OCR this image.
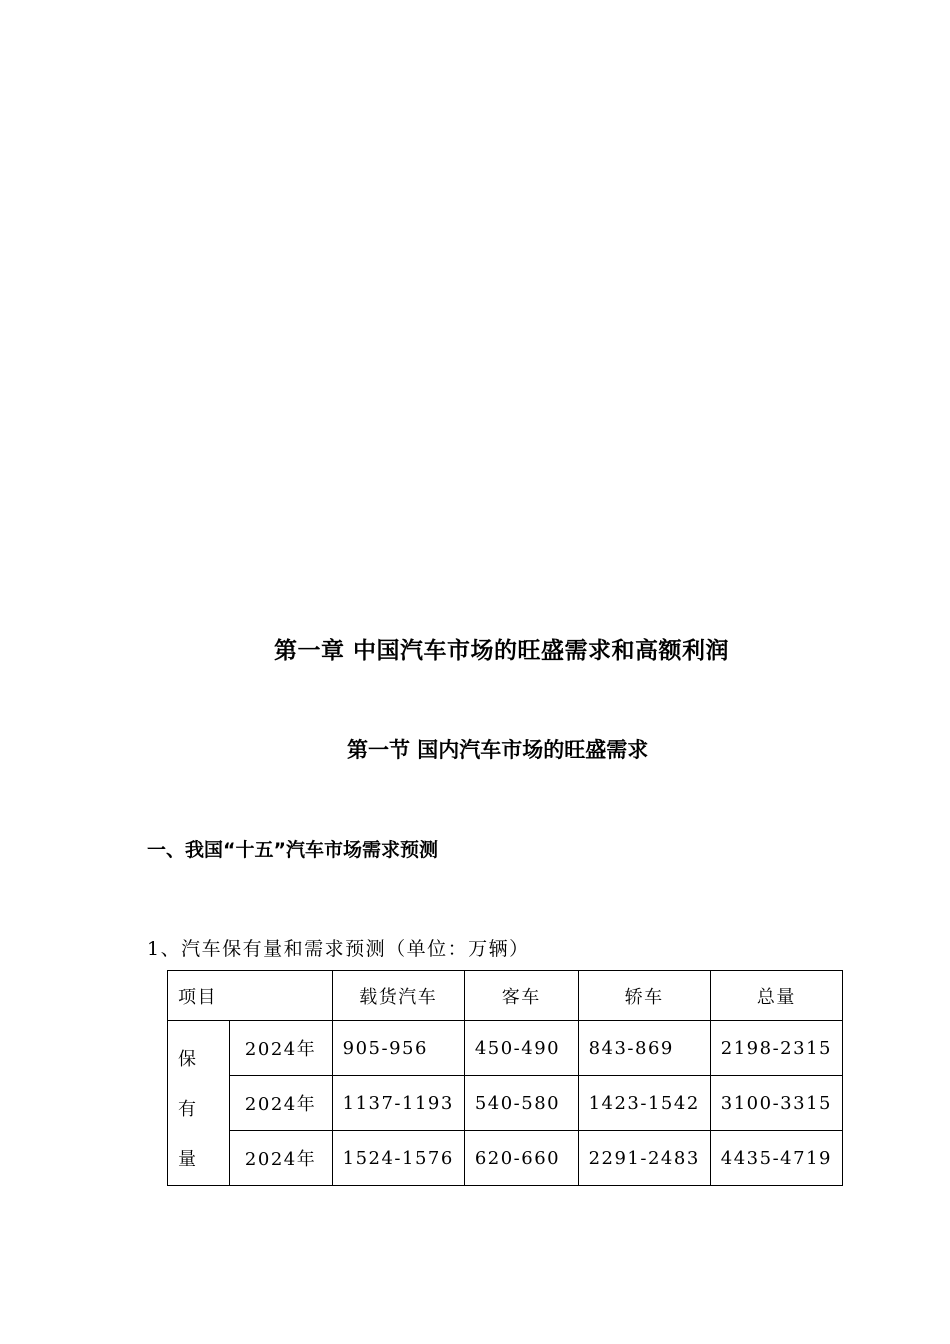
第一章 中国汽车市场的旺盛需求和高额利润
第一节 国内汽车市场的旺盛需求
一、我国“十五”汽车市场需求预测
1、汽车保有量和需求预测（单位：万辆）
项目		载货汽车	客车	轿车	总量
保 有 量	2024年	905-956	450-490	843-869	2198-2315
	2024年	1137-1193	540-580	1423-1542	3100-3315
	2024年	1524-1576	620-660	2291-2483	4435-4719
